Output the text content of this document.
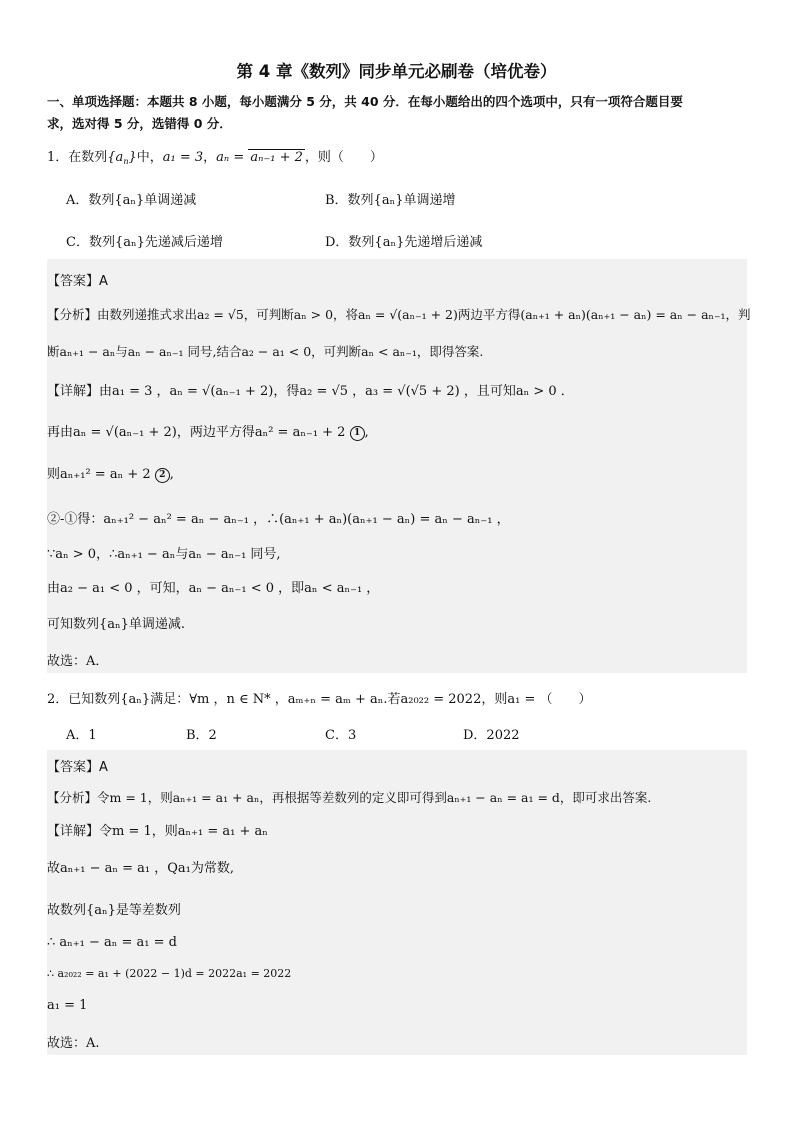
第 4 章《数列》同步单元必刷卷（培优卷）
一、单项选择题：本题共 8 小题，每小题满分 5 分，共 40 分．在每小题给出的四个选项中，只有一项符合题目要
求，选对得 5 分，选错得 0 分．
1．在数列$\{a_n\}$中，a₁ = 3，aₙ = aₙ₋₁ + 2 ，则（　　）
A．数列{aₙ}单调递减	B．数列{aₙ}单调递增
C．数列{aₙ}先递减后递增	D．数列{aₙ}先递增后递减
【答案】A
【分析】由数列递推式求出a₂ = √5，可判断aₙ > 0，将aₙ = √(aₙ₋₁ + 2)两边平方得(aₙ₊₁ + aₙ)(aₙ₊₁ − aₙ) = aₙ − aₙ₋₁，判
断aₙ₊₁ − aₙ与aₙ − aₙ₋₁ 同号,结合a₂ − a₁ < 0，可判断aₙ < aₙ₋₁，即得答案.
【详解】由a₁ = 3 ，aₙ = √(aₙ₋₁ + 2)，得a₂ = √5 ，a₃ = √(√5 + 2) ，且可知aₙ > 0 ．
再由aₙ = √(aₙ₋₁ + 2)，两边平方得aₙ² = aₙ₋₁ + 2 1 ,
则aₙ₊₁² = aₙ + 2 2 ,
②-①得：aₙ₊₁² − aₙ² = aₙ − aₙ₋₁ ，∴(aₙ₊₁ + aₙ)(aₙ₊₁ − aₙ) = aₙ − aₙ₋₁ ，
∵aₙ > 0，∴aₙ₊₁ − aₙ与aₙ − aₙ₋₁ 同号,
由a₂ − a₁ < 0 ，可知，aₙ − aₙ₋₁ < 0 ，即aₙ < aₙ₋₁ ，
可知数列{aₙ}单调递减.
故选：A．
2．已知数列{aₙ}满足：∀m ，n ∈ N* ，aₘ₊ₙ = aₘ + aₙ.若a₂₀₂₂ = 2022，则a₁ = （　　）
A．1	B．2	C．3	D．2022
【答案】A
【分析】令m = 1，则aₙ₊₁ = a₁ + aₙ，再根据等差数列的定义即可得到aₙ₊₁ − aₙ = a₁ = d，即可求出答案.
【详解】令m = 1，则aₙ₊₁ = a₁ + aₙ
故aₙ₊₁ − aₙ = a₁ ，Qa₁为常数,
故数列{aₙ}是等差数列
∴ aₙ₊₁ − aₙ = a₁ = d
∴ a₂₀₂₂ = a₁ + (2022 − 1)d = 2022a₁ = 2022
a₁ = 1
故选：A.
